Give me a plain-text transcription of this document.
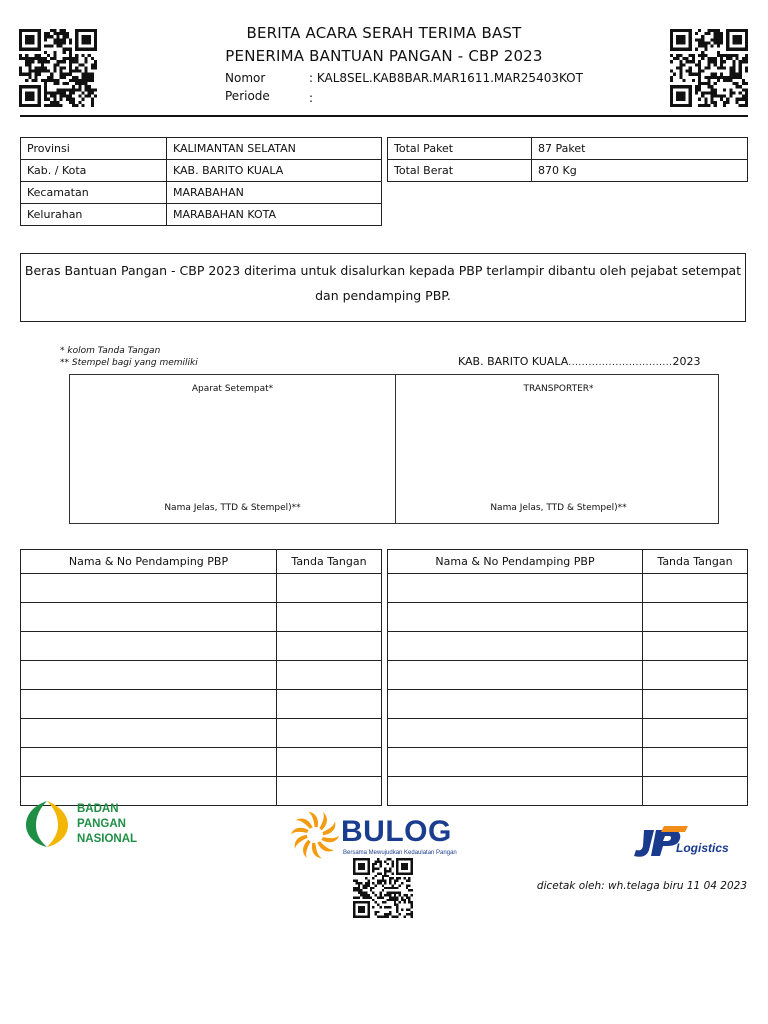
BERITA ACARA SERAH TERIMA BAST
PENERIMA BANTUAN PANGAN - CBP 2023
Nomor	: KAL8SEL.KAB8BAR.MAR1611.MAR25403KOT
Periode	:
Provinsi	KALIMANTAN SELATAN
Kab. / Kota	KAB. BARITO KUALA
Kecamatan	MARABAHAN
Kelurahan	MARABAHAN KOTA
Total Paket	87 Paket
Total Berat	870 Kg
Beras Bantuan Pangan - CBP 2023 diterima untuk disalurkan kepada PBP terlampir dibantu oleh pejabat setempat
dan pendamping PBP.
* kolom Tanda Tangan
** Stempel bagi yang memiliki	KAB. BARITO KUALA...............................2023
Aparat Setempat*
Nama Jelas, TTD & Stempel)**
TRANSPORTER*
Nama Jelas, TTD & Stempel)**
Nama & No Pendamping PBP	Tanda Tangan

		Nama & No Pendamping PBP	Tanda Tangan

BADAN
PANGAN
NASIONAL	BULOG
Bersama Mewujudkan Kedaulatan Pangan	Logistics
dicetak oleh: wh.telaga biru 11 04 2023
